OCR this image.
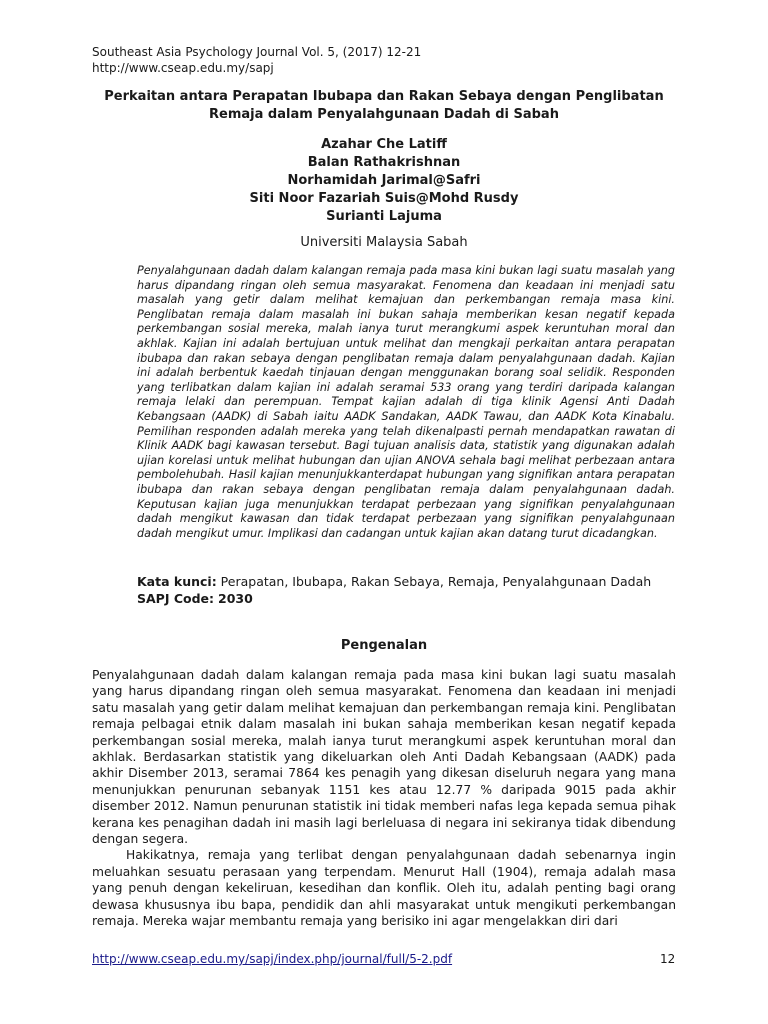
Southeast Asia Psychology Journal Vol. 5, (2017) 12-21
http://www.cseap.edu.my/sapj
Perkaitan antara Perapatan Ibubapa dan Rakan Sebaya dengan Penglibatan
Remaja dalam Penyalahgunaan Dadah di Sabah
Azahar Che Latiff
Balan Rathakrishnan
Norhamidah Jarimal@Safri
Siti Noor Fazariah Suis@Mohd Rusdy
Surianti Lajuma
Universiti Malaysia Sabah

Penyalahgunaan dadah dalam kalangan remaja pada masa kini bukan lagi suatu masalah yang harus dipandang ringan oleh semua masyarakat. Fenomena dan keadaan ini menjadi satu masalah yang getir dalam melihat kemajuan dan perkembangan remaja masa kini. Penglibatan remaja dalam masalah ini bukan sahaja memberikan kesan negatif kepada perkembangan sosial mereka, malah ianya turut merangkumi aspek keruntuhan moral dan akhlak. Kajian ini adalah bertujuan untuk melihat dan mengkaji perkaitan antara perapatan ibubapa dan rakan sebaya dengan penglibatan remaja dalam penyalahgunaan dadah. Kajian ini adalah berbentuk kaedah tinjauan dengan menggunakan borang soal selidik. Responden yang terlibatkan dalam kajian ini adalah seramai 533 orang yang terdiri daripada kalangan remaja lelaki dan perempuan. Tempat kajian adalah di tiga klinik Agensi Anti Dadah Kebangsaan (AADK) di Sabah iaitu AADK Sandakan, AADK Tawau, dan AADK Kota Kinabalu. Pemilihan responden adalah mereka yang telah dikenalpasti pernah mendapatkan rawatan di Klinik AADK bagi kawasan tersebut. Bagi tujuan analisis data, statistik yang digunakan adalah ujian korelasi untuk melihat hubungan dan ujian ANOVA sehala bagi melihat perbezaan antara pembolehubah. Hasil kajian menunjukkanterdapat hubungan yang signifikan antara perapatan ibubapa dan rakan sebaya dengan penglibatan remaja dalam penyalahgunaan dadah. Keputusan kajian juga menunjukkan terdapat perbezaan yang signifikan penyalahgunaan dadah mengikut kawasan dan tidak terdapat perbezaan yang signifikan penyalahgunaan dadah mengikut umur. Implikasi dan cadangan untuk kajian akan datang turut dicadangkan.

Kata kunci: Perapatan, Ibubapa, Rakan Sebaya, Remaja, Penyalahgunaan Dadah
SAPJ Code: 2030
Pengenalan

Penyalahgunaan dadah dalam kalangan remaja pada masa kini bukan lagi suatu masalah yang harus dipandang ringan oleh semua masyarakat. Fenomena dan keadaan ini menjadi satu masalah yang getir dalam melihat kemajuan dan perkembangan remaja kini. Penglibatan remaja pelbagai etnik dalam masalah ini bukan sahaja memberikan kesan negatif kepada perkembangan sosial mereka, malah ianya turut merangkumi aspek keruntuhan moral dan akhlak. Berdasarkan statistik yang dikeluarkan oleh Anti Dadah Kebangsaan (AADK) pada akhir Disember 2013, seramai 7864 kes penagih yang dikesan diseluruh negara yang mana menunjukkan penurunan sebanyak 1151 kes atau 12.77 % daripada 9015 pada akhir disember 2012. Namun penurunan statistik ini tidak memberi nafas lega kepada semua pihak kerana kes penagihan dadah ini masih lagi berleluasa di negara ini sekiranya tidak dibendung dengan segera.

Hakikatnya, remaja yang terlibat dengan penyalahgunaan dadah sebenarnya ingin meluahkan sesuatu perasaan yang terpendam. Menurut Hall (1904), remaja adalah masa yang penuh dengan kekeliruan, kesedihan dan konflik. Oleh itu, adalah penting bagi orang dewasa khususnya ibu bapa, pendidik dan ahli masyarakat untuk mengikuti perkembangan remaja. Mereka wajar membantu remaja yang berisiko ini agar mengelakkan diri dari

http://www.cseap.edu.my/sapj/index.php/journal/full/5-2.pdf	12
